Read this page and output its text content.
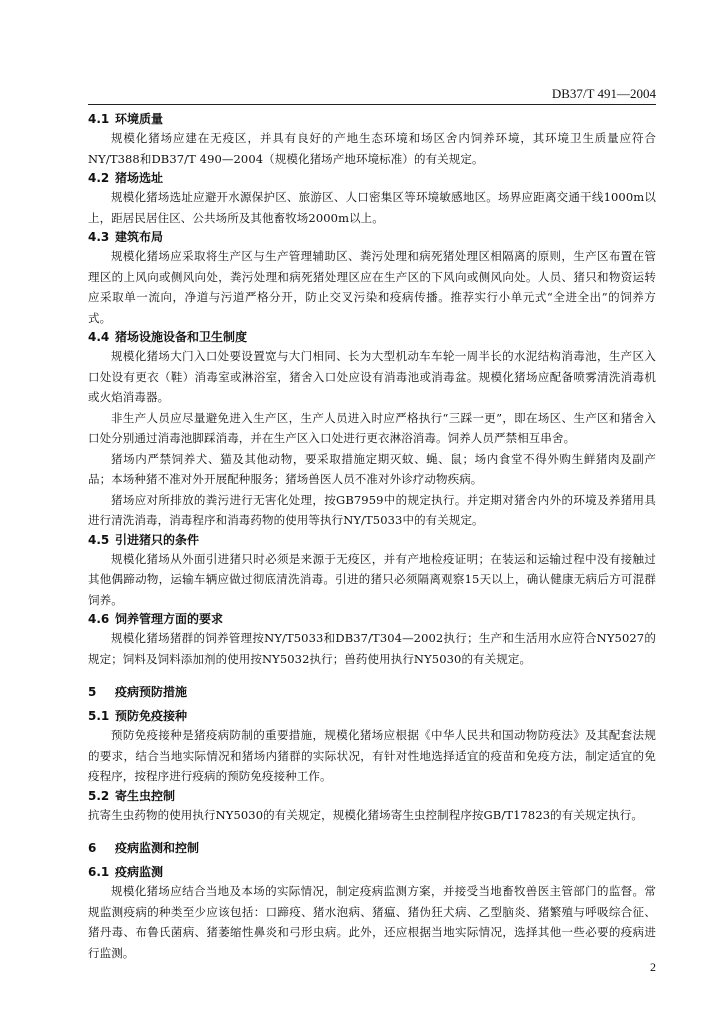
DB37/T 491—2004
4.1 环境质量

规模化猪场应建在无疫区，并具有良好的产地生态环境和场区舍内饲养环境，其环境卫生质量应符合NY/T388和DB37/T 490—2004（规模化猪场产地环境标准）的有关规定。

4.2 猪场选址

规模化猪场选址应避开水源保护区、旅游区、人口密集区等环境敏感地区。场界应距离交通干线1000m以上，距居民居住区、公共场所及其他畜牧场2000m以上。

4.3 建筑布局

规模化猪场应采取将生产区与生产管理辅助区、粪污处理和病死猪处理区相隔离的原则，生产区布置在管理区的上风向或侧风向处，粪污处理和病死猪处理区应在生产区的下风向或侧风向处。人员、猪只和物资运转应采取单一流向，净道与污道严格分开，防止交叉污染和疫病传播。推荐实行小单元式“全进全出”的饲养方式。

4.4 猪场设施设备和卫生制度

规模化猪场大门入口处要设置宽与大门相同、长为大型机动车车轮一周半长的水泥结构消毒池，生产区入口处设有更衣（鞋）消毒室或淋浴室，猪舍入口处应设有消毒池或消毒盆。规模化猪场应配备喷雾清洗消毒机或火焰消毒器。

非生产人员应尽量避免进入生产区，生产人员进入时应严格执行“三踩一更”，即在场区、生产区和猪舍入口处分别通过消毒池脚踩消毒，并在生产区入口处进行更衣淋浴消毒。饲养人员严禁相互串舍。

猪场内严禁饲养犬、猫及其他动物，要采取措施定期灭蚊、蝇、鼠；场内食堂不得外购生鲜猪肉及副产品；本场种猪不准对外开展配种服务；猪场兽医人员不准对外诊疗动物疾病。

猪场应对所排放的粪污进行无害化处理，按GB7959中的规定执行。并定期对猪舍内外的环境及养猪用具进行清洗消毒，消毒程序和消毒药物的使用等执行NY/T5033中的有关规定。

4.5 引进猪只的条件

规模化猪场从外面引进猪只时必须是来源于无疫区，并有产地检疫证明；在装运和运输过程中没有接触过其他偶蹄动物，运输车辆应做过彻底清洗消毒。引进的猪只必须隔离观察15天以上，确认健康无病后方可混群饲养。

4.6 饲养管理方面的要求

规模化猪场猪群的饲养管理按NY/T5033和DB37/T304—2002执行；生产和生活用水应符合NY5027的规定；饲料及饲料添加剂的使用按NY5032执行；兽药使用执行NY5030的有关规定。

5 疫病预防措施
5.1 预防免疫接种

预防免疫接种是猪疫病防制的重要措施，规模化猪场应根据《中华人民共和国动物防疫法》及其配套法规的要求，结合当地实际情况和猪场内猪群的实际状况，有针对性地选择适宜的疫苗和免疫方法，制定适宜的免疫程序，按程序进行疫病的预防免疫接种工作。

5.2 寄生虫控制

抗寄生虫药物的使用执行NY5030的有关规定，规模化猪场寄生虫控制程序按GB/T17823的有关规定执行。

6 疫病监测和控制
6.1 疫病监测

规模化猪场应结合当地及本场的实际情况，制定疫病监测方案，并接受当地畜牧兽医主管部门的监督。常规监测疫病的种类至少应该包括：口蹄疫、猪水泡病、猪瘟、猪伪狂犬病、乙型脑炎、猪繁殖与呼吸综合征、猪丹毒、布鲁氏菌病、猪萎缩性鼻炎和弓形虫病。此外，还应根据当地实际情况，选择其他一些必要的疫病进行监测。

2
